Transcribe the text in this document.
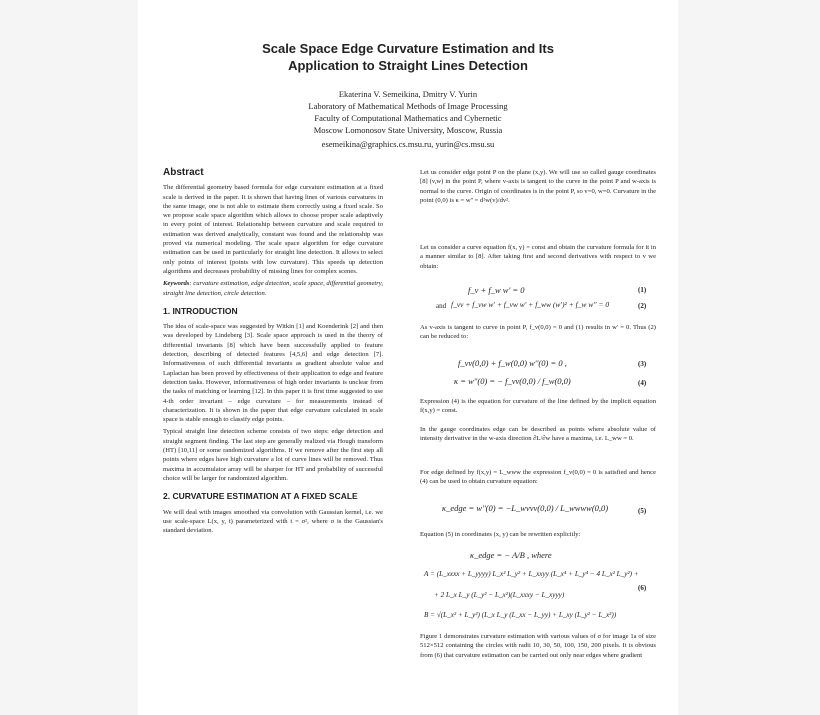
Scale Space Edge Curvature Estimation and Its
Application to Straight Lines Detection
Ekaterina V. Semeikina, Dmitry V. Yurin
Laboratory of Mathematical Methods of Image Processing
Faculty of Computational Mathematics and Cybernetic
Moscow Lomonosov State University, Moscow, Russia
esemeikina@graphics.cs.msu.ru, yurin@cs.msu.su
Abstract

The differential geometry based formula for edge curvature estimation at a fixed scale is derived in the paper. It is shown that having lines of various curvatures in the same image, one is not able to estimate them correctly using a fixed scale. So we propose scale space algorithm which allows to choose proper scale adaptively in every point of interest. Relationship between curvature and scale required to estimation was derived analytically, constant was found and the relationship was proved via numerical modeling. The scale space algorithm for edge curvature estimation can be used in particularly for straight line detection. It allows to select only points of interest (points with low curvature). This speeds up detection algorithms and decreases probability of missing lines for complex scenes.

Keywords: curvature estimation, edge detection, scale space, differential geometry, straight line detection, circle detection.

1. INTRODUCTION

The idea of scale-space was suggested by Witkin [1] and Koenderink [2] and then was developed by Lindeberg [3]. Scale space approach is used in the theory of differential invariants [8] which have been successfully applied to feature detection, describing of detected features [4,5,6] and edge detection [7]. Informativeness of such differential invariants as gradient absolute value and Laplacian has been proved by effectiveness of their application to edge and feature detection tasks. However, informativeness of high order invariants is unclear from the tasks of matching or learning [12]. In this paper it is first time suggested to use 4-th order invariant – edge curvature – for measurements instead of characterization. It is shown in the paper that edge curvature calculated in scale space is stable enough to classify edge points.

Typical straight line detection scheme consists of two steps: edge detection and straight segment finding. The last step are generally realized via Hough transform (HT) [10,11] or some randomized algorithms. If we remove after the first step all points where edges have high curvature a lot of curve lines will be removed. Thus maxima in accumulator array will be sharper for HT and probability of successful choice will be larger for randomized algorithm.

2. CURVATURE ESTIMATION AT A FIXED SCALE

We will deal with images smoothed via convolution with Gaussian kernel, i.e. we use scale-space L(x, y, t) parameterized with t = σ², where σ is the Gaussian's standard deviation.

Let us consider edge point P on the plane (x,y). We will use so called gauge coordinates [8] (v,w) in the point P, where v-axis is tangent to the curve in the point P and w-axis is normal to the curve. Origin of coordinates is in the point P, so v=0, w=0. Curvature in the point (0,0) is κ = w'' = d²w(v)/dv².
Let us consider a curve equation f(x, y) = const and obtain the curvature formula for it in a manner similar to [8]. After taking first and second derivatives with respect to v we obtain:
f_v + f_w w' = 0	(1)
and f_vv + f_vw w' + f_vw w' + f_ww (w')² + f_w w'' = 0	(2)
As v-axis is tangent to curve in point P, f_v(0,0) = 0 and (1) results in w' = 0. Thus (2) can be reduced to:
f_vv(0,0) + f_w(0,0) w''(0) = 0 ,	(3)
κ = w''(0) = − f_vv(0,0) / f_w(0,0)	(4)
Expression (4) is the equation for curvature of the line defined by the implicit equation f(x,y) = const.
In the gauge coordinates edge can be described as points where absolute value of intensity derivative in the w-axis direction ∂L/∂w have a maxima, i.e. L_ww = 0.
For edge defined by f(x,y) = L_www the expression f_v(0,0) = 0 is satisfied and hence (4) can be used to obtain curvature equation:
κ_edge = w''(0) = −L_wvvv(0,0) / L_wwww(0,0)	(5)
Equation (5) in coordinates (x, y) can be rewritten explicitly:
κ_edge = − A/B , where
A = (L_xxxx + L_yyyy) L_x² L_y² + L_xxyy (L_x⁴ + L_y⁴ − 4 L_x² L_y²) +
+ 2 L_x L_y (L_y² − L_x²)(L_xxxy − L_xyyy)
B = √(L_x² + L_y²) (L_x L_y (L_xx − L_yy) + L_xy (L_y² − L_x²))
(6)
Figure 1 demonstrates curvature estimation with various values of σ for image 1a of size 512×512 containing the circles with radii 10, 30, 50, 100, 150, 200 pixels. It is obvious from (6) that curvature estimation can be carried out only near edges where gradient
